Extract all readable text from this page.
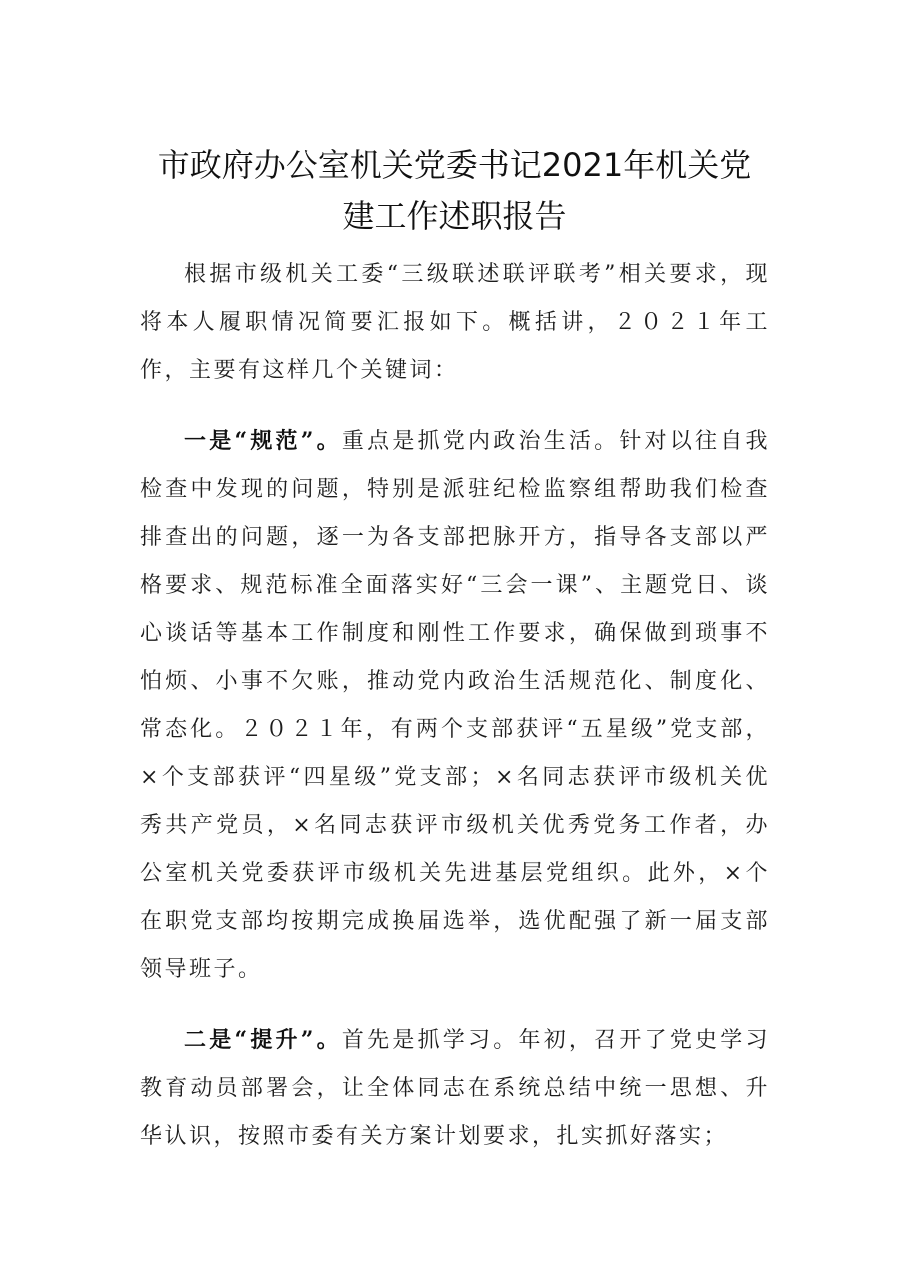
市政府办公室机关党委书记2021年机关党
建工作述职报告

根据市级机关工委“三级联述联评联考”相关要求，现将本人履职情况简要汇报如下。概括讲，２０２１年工作，主要有这样几个关键词：

一是“规范”。重点是抓党内政治生活。针对以往自我检查中发现的问题，特别是派驻纪检监察组帮助我们检查排查出的问题，逐一为各支部把脉开方，指导各支部以严格要求、规范标准全面落实好“三会一课”、主题党日、谈心谈话等基本工作制度和刚性工作要求，确保做到琐事不怕烦、小事不欠账，推动党内政治生活规范化、制度化、常态化。２０２１年，有两个支部获评“五星级”党支部，×个支部获评“四星级”党支部；×名同志获评市级机关优秀共产党员，×名同志获评市级机关优秀党务工作者，办公室机关党委获评市级机关先进基层党组织。此外，×个在职党支部均按期完成换届选举，选优配强了新一届支部领导班子。

二是“提升”。首先是抓学习。年初，召开了党史学习教育动员部署会，让全体同志在系统总结中统一思想、升华认识，按照市委有关方案计划要求，扎实抓好落实；
